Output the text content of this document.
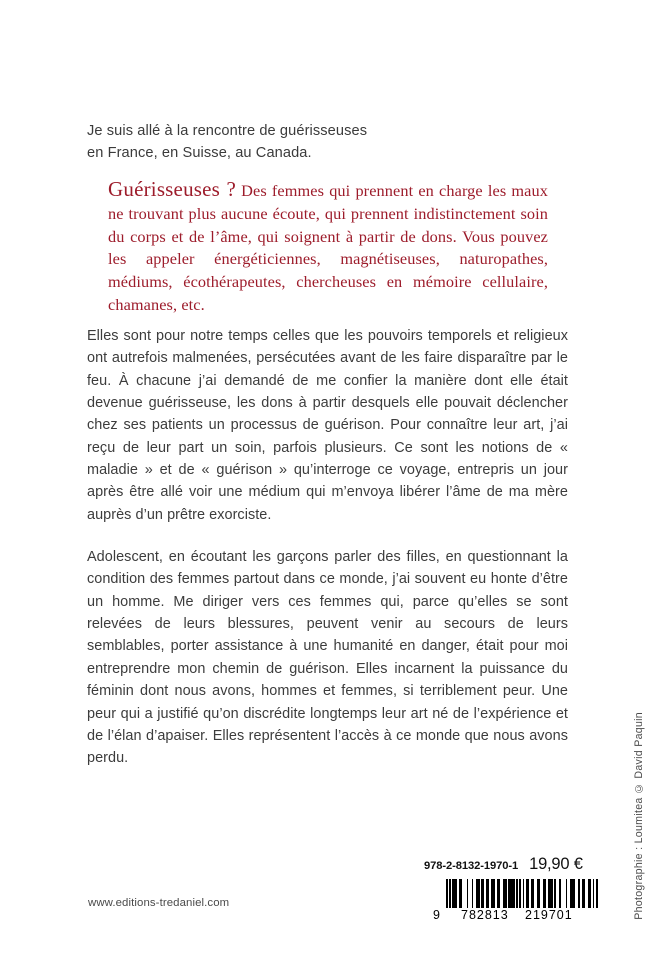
Je suis allé à la rencontre de guérisseuses
en France, en Suisse, au Canada.
Guérisseuses ? Des femmes qui prennent en charge les maux ne trouvant plus aucune écoute, qui prennent indistinctement soin du corps et de l’âme, qui soignent à partir de dons. Vous pouvez les appeler énergéticiennes, magnétiseuses, naturopathes, médiums, écothérapeutes, chercheuses en mémoire cellulaire, chamanes, etc.

Elles sont pour notre temps celles que les pouvoirs temporels et religieux ont autrefois malmenées, persécutées avant de les faire disparaître par le feu. À chacune j’ai demandé de me confier la manière dont elle était devenue guérisseuse, les dons à partir desquels elle pouvait déclencher chez ses patients un processus de guérison. Pour connaître leur art, j’ai reçu de leur part un soin, parfois plusieurs. Ce sont les notions de « maladie » et de « guérison » qu’interroge ce voyage, entrepris un jour après être allé voir une médium qui m’envoya libérer l’âme de ma mère auprès d’un prêtre exorciste.

Adolescent, en écoutant les garçons parler des filles, en questionnant la condition des femmes partout dans ce monde, j’ai souvent eu honte d’être un homme. Me diriger vers ces femmes qui, parce qu’elles se sont relevées de leurs blessures, peuvent venir au secours de leurs semblables, porter assistance à une humanité en danger, était pour moi entreprendre mon chemin de guérison. Elles incarnent la puissance du féminin dont nous avons, hommes et femmes, si terriblement peur. Une peur qui a justifié qu’on discrédite longtemps leur art né de l’expérience et de l’élan d’apaiser. Elles représentent l’accès à ce monde que nous avons perdu.

www.editions-tredaniel.com
978-2-8132-1970-1 19,90 €
9 782813 219701	Photographie : Loumitea © David Paquin
